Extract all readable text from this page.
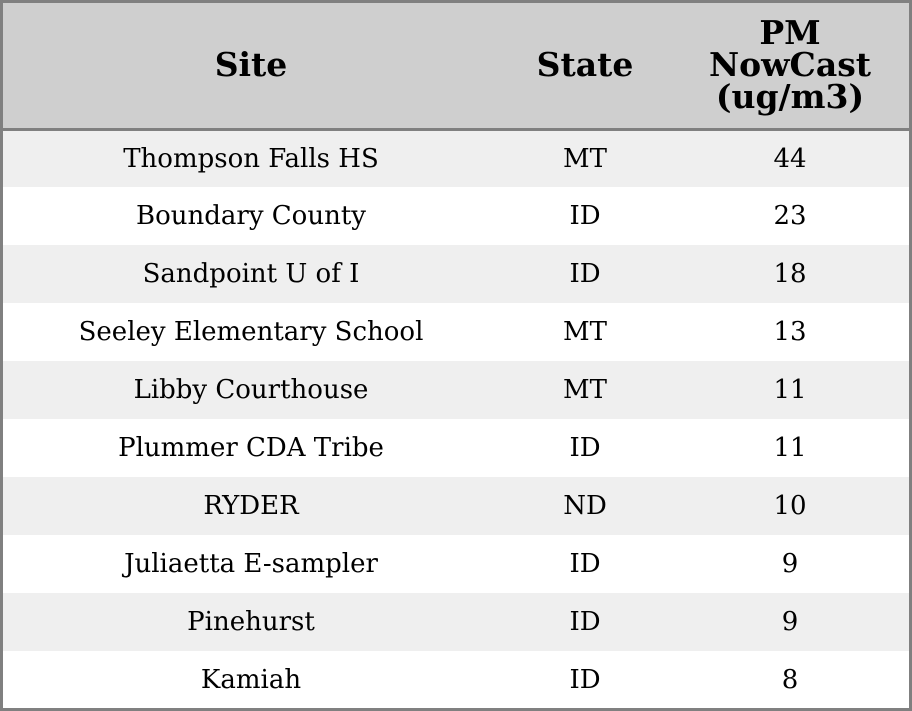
Site	State	PM
NowCast
(ug/m3)

Thompson Falls HS	MT	44
Boundary County	ID	23
Sandpoint U of I	ID	18
Seeley Elementary School	MT	13
Libby Courthouse	MT	11
Plummer CDA Tribe	ID	11
RYDER	ND	10
Juliaetta E-sampler	ID	9
Pinehurst	ID	9
Kamiah	ID	8
